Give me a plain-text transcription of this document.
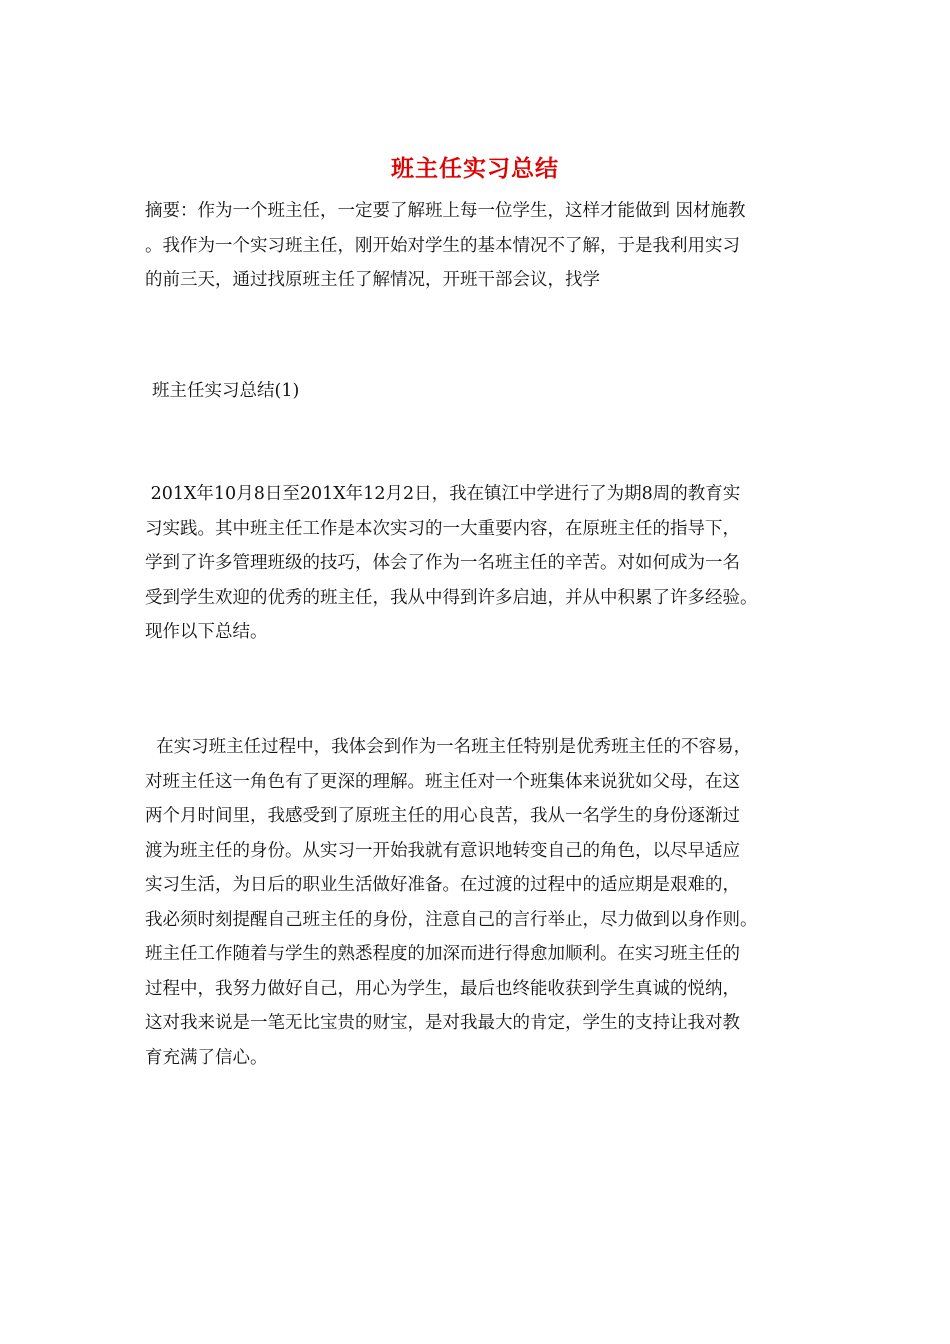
班主任实习总结
摘要：作为一个班主任，一定要了解班上每一位学生，这样才能做到 因材施教
。我作为一个实习班主任，刚开始对学生的基本情况不了解，于是我利用实习
的前三天，通过找原班主任了解情况，开班干部会议，找学
班主任实习总结(1)
201X年10月8日至201X年12月2日，我在镇江中学进行了为期8周的教育实
习实践。其中班主任工作是本次实习的一大重要内容，在原班主任的指导下，
学到了许多管理班级的技巧，体会了作为一名班主任的辛苦。对如何成为一名
受到学生欢迎的优秀的班主任，我从中得到许多启迪，并从中积累了许多经验。
现作以下总结。
在实习班主任过程中，我体会到作为一名班主任特别是优秀班主任的不容易，
对班主任这一角色有了更深的理解。班主任对一个班集体来说犹如父母，在这
两个月时间里，我感受到了原班主任的用心良苦，我从一名学生的身份逐渐过
渡为班主任的身份。从实习一开始我就有意识地转变自己的角色，以尽早适应
实习生活，为日后的职业生活做好准备。在过渡的过程中的适应期是艰难的，
我必须时刻提醒自己班主任的身份，注意自己的言行举止，尽力做到以身作则。
班主任工作随着与学生的熟悉程度的加深而进行得愈加顺利。在实习班主任的
过程中，我努力做好自己，用心为学生，最后也终能收获到学生真诚的悦纳，
这对我来说是一笔无比宝贵的财宝，是对我最大的肯定，学生的支持让我对教
育充满了信心。
